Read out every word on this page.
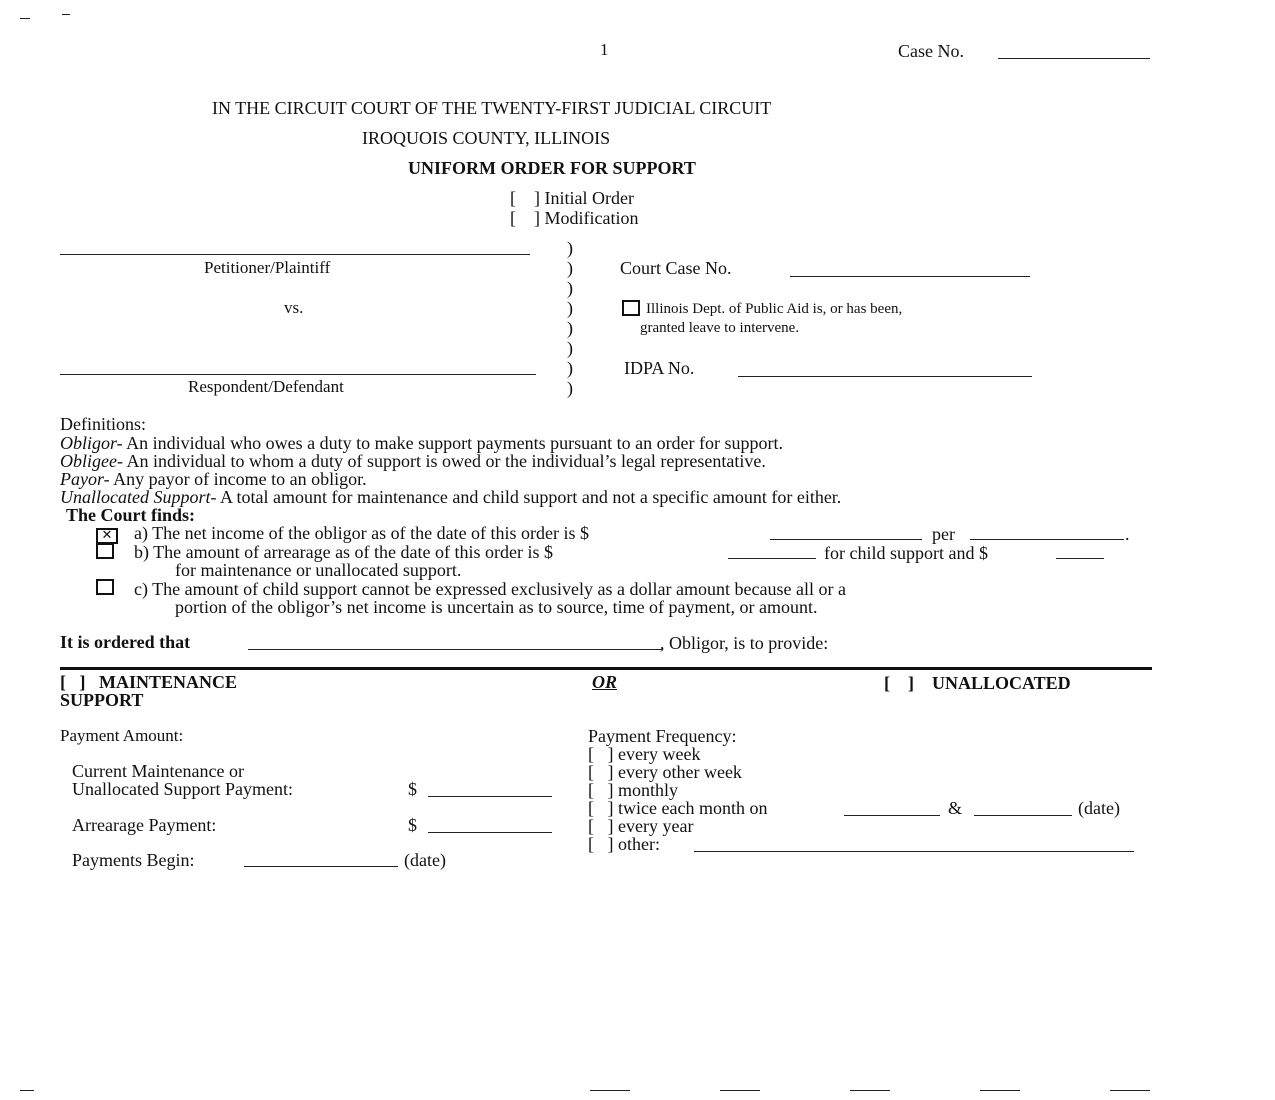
1	Case No.
IN THE CIRCUIT COURT OF THE TWENTY-FIRST JUDICIAL CIRCUIT
IROQUOIS COUNTY, ILLINOIS
UNIFORM ORDER FOR SUPPORT
[    ] Initial Order
[    ] Modification
Petitioner/Plaintiff
vs.
Respondent/Defendant
)
)
)
)
)
)
)
)
Court Case No.
Illinois Dept. of Public Aid is, or has been,
granted leave to intervene.
IDPA No.
Definitions:
Obligor- An individual who owes a duty to make support payments pursuant to an order for support.
Obligee- An individual to whom a duty of support is owed or the individual’s legal representative.
Payor- Any payor of income to an obligor.
Unallocated Support- A total amount for maintenance and child support and not a specific amount for either.
The Court finds:
✕	a) The net income of the obligor as of the date of this order is $	per	.
b) The amount of arrearage as of the date of this order is $	for child support and $
for maintenance or unallocated support.
c) The amount of child support cannot be expressed exclusively as a dollar amount because all or a
portion of the obligor’s net income is uncertain as to source, time of payment, or amount.
It is ordered that	, Obligor, is to provide:
[   ]   MAINTENANCE
SUPPORT
OR	[    ]    UNALLOCATED
Payment Amount:
Current Maintenance or
Unallocated Support Payment:	$
Arrearage Payment:	$
Payments Begin:	(date)
Payment Frequency:
[   ] every week
[   ] every other week
[   ] monthly
[   ] twice each month on	&	(date)
[   ] every year
[   ] other:
